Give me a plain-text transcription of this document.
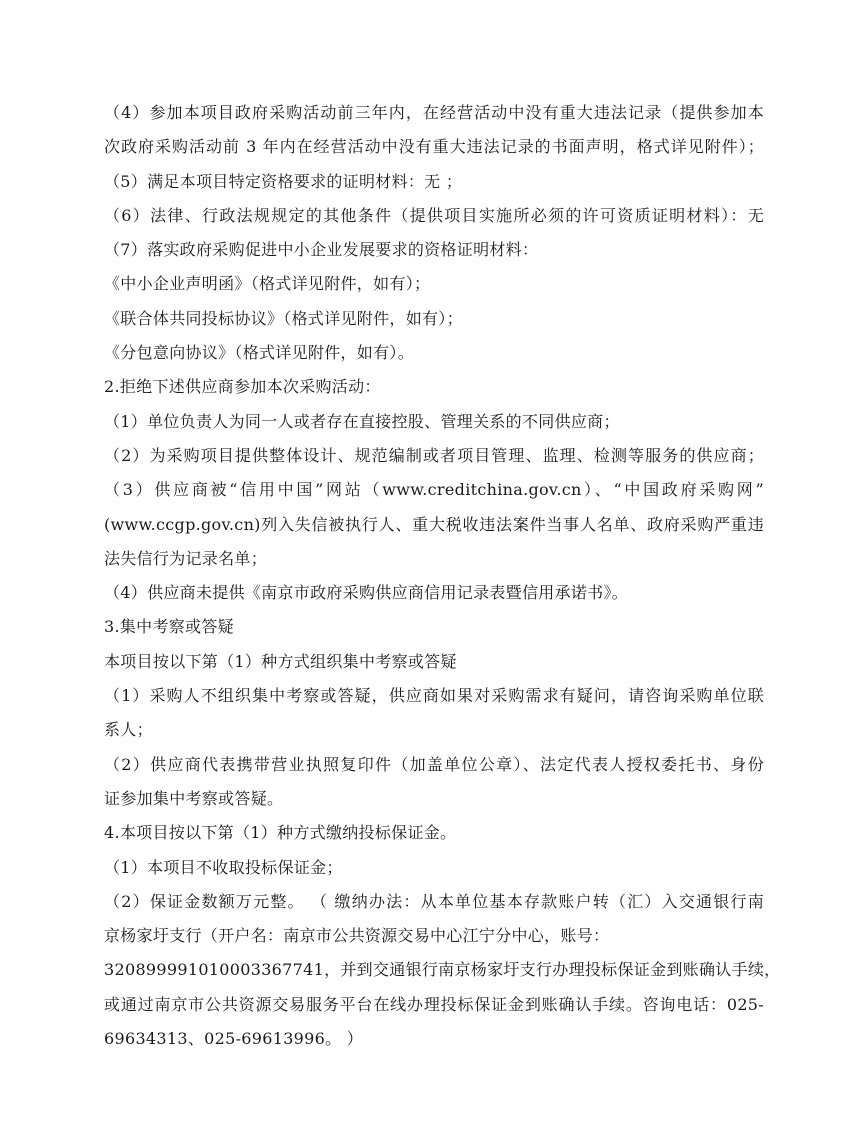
（4）参加本项目政府采购活动前三年内，在经营活动中没有重大违法记录（提供参加本
次政府采购活动前 3 年内在经营活动中没有重大违法记录的书面声明，格式详见附件）；
（5）满足本项目特定资格要求的证明材料：无 ；
（6）法律、行政法规规定的其他条件（提供项目实施所必须的许可资质证明材料）：无
（7）落实政府采购促进中小企业发展要求的资格证明材料：
《中小企业声明函》（格式详见附件，如有）；
《联合体共同投标协议》（格式详见附件，如有）；
《分包意向协议》（格式详见附件，如有）。
2.拒绝下述供应商参加本次采购活动：
（1）单位负责人为同一人或者存在直接控股、管理关系的不同供应商；
（2）为采购项目提供整体设计、规范编制或者项目管理、监理、检测等服务的供应商；
（3）供应商被“信用中国”网站（www.creditchina.gov.cn）、“中国政府采购网”
(www.ccgp.gov.cn)列入失信被执行人、重大税收违法案件当事人名单、政府采购严重违
法失信行为记录名单；
（4）供应商未提供《南京市政府采购供应商信用记录表暨信用承诺书》。
3.集中考察或答疑
本项目按以下第（1）种方式组织集中考察或答疑
（1）采购人不组织集中考察或答疑，供应商如果对采购需求有疑问，请咨询采购单位联
系人；
（2）供应商代表携带营业执照复印件（加盖单位公章）、法定代表人授权委托书、身份
证参加集中考察或答疑。
4.本项目按以下第（1）种方式缴纳投标保证金。
（1）本项目不收取投标保证金；
（2）保证金数额万元整。 （ 缴纳办法：从本单位基本存款账户转（汇）入交通银行南
京杨家圩支行（开户名：南京市公共资源交易中心江宁分中心，账号：
320899991010003367741，并到交通银行南京杨家圩支行办理投标保证金到账确认手续，
或通过南京市公共资源交易服务平台在线办理投标保证金到账确认手续。咨询电话：025-
69634313、025-69613996。 ）
